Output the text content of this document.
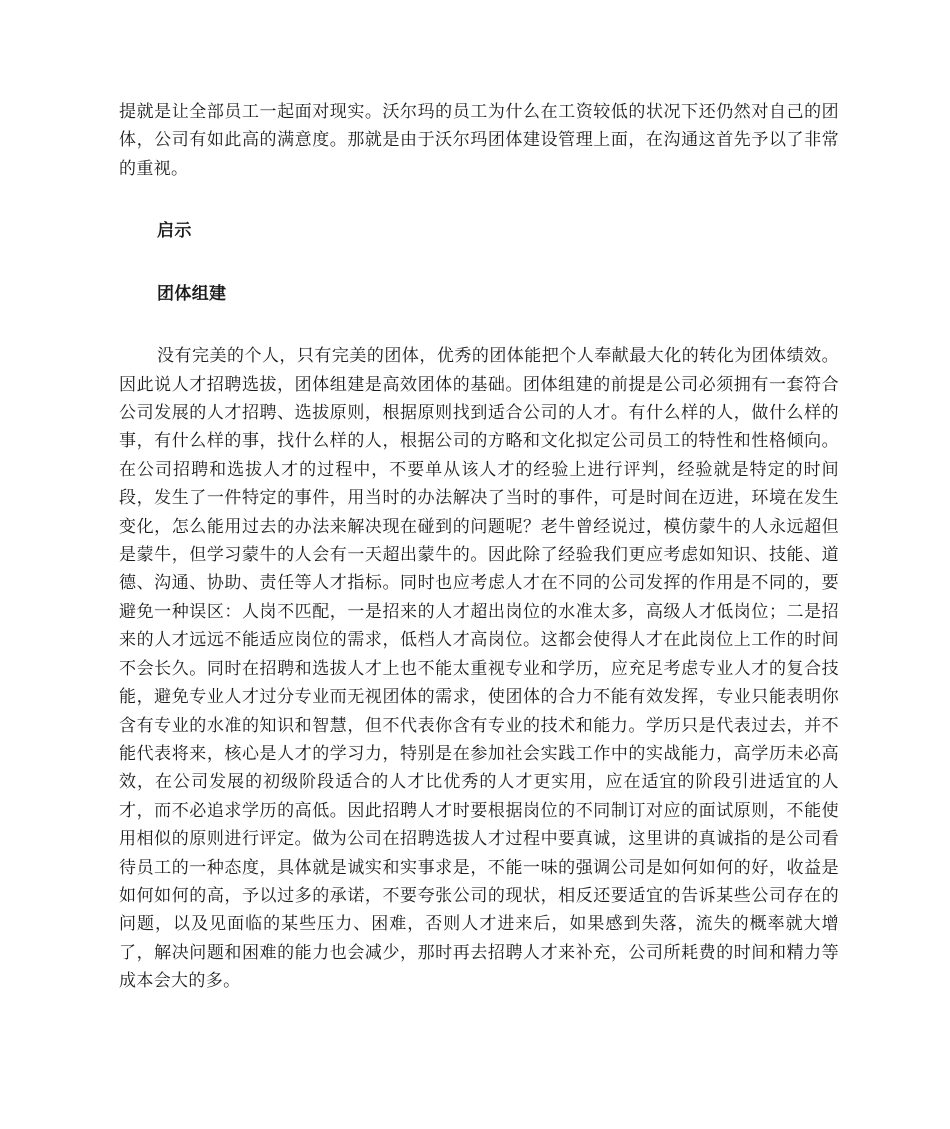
提就是让全部员工一起面对现实。沃尔玛的员工为什么在工资较低的状况下还仍然对自己的团体，公司有如此高的满意度。那就是由于沃尔玛团体建设管理上面，在沟通这首先予以了非常的重视。

启示

团体组建

没有完美的个人，只有完美的团体，优秀的团体能把个人奉献最大化的转化为团体绩效。因此说人才招聘选拔，团体组建是高效团体的基础。团体组建的前提是公司必须拥有一套符合公司发展的人才招聘、选拔原则，根据原则找到适合公司的人才。有什么样的人，做什么样的事，有什么样的事，找什么样的人，根据公司的方略和文化拟定公司员工的特性和性格倾向。在公司招聘和选拔人才的过程中，不要单从该人才的经验上进行评判，经验就是特定的时间段，发生了一件特定的事件，用当时的办法解决了当时的事件，可是时间在迈进，环境在发生变化，怎么能用过去的办法来解决现在碰到的问题呢？老牛曾经说过，模仿蒙牛的人永远超但是蒙牛，但学习蒙牛的人会有一天超出蒙牛的。因此除了经验我们更应考虑如知识、技能、道德、沟通、协助、责任等人才指标。同时也应考虑人才在不同的公司发挥的作用是不同的，要避免一种误区：人岗不匹配，一是招来的人才超出岗位的水准太多，高级人才低岗位；二是招来的人才远远不能适应岗位的需求，低档人才高岗位。这都会使得人才在此岗位上工作的时间不会长久。同时在招聘和选拔人才上也不能太重视专业和学历，应充足考虑专业人才的复合技能，避免专业人才过分专业而无视团体的需求，使团体的合力不能有效发挥，专业只能表明你含有专业的水准的知识和智慧，但不代表你含有专业的技术和能力。学历只是代表过去，并不能代表将来，核心是人才的学习力，特别是在参加社会实践工作中的实战能力，高学历未必高效，在公司发展的初级阶段适合的人才比优秀的人才更实用，应在适宜的阶段引进适宜的人才，而不必追求学历的高低。因此招聘人才时要根据岗位的不同制订对应的面试原则，不能使用相似的原则进行评定。做为公司在招聘选拔人才过程中要真诚，这里讲的真诚指的是公司看待员工的一种态度，具体就是诚实和实事求是，不能一味的强调公司是如何如何的好，收益是如何如何的高，予以过多的承诺，不要夸张公司的现状，相反还要适宜的告诉某些公司存在的问题，以及见面临的某些压力、困难，否则人才进来后，如果感到失落，流失的概率就大增了，解决问题和困难的能力也会减少，那时再去招聘人才来补充，公司所耗费的时间和精力等成本会大的多。
